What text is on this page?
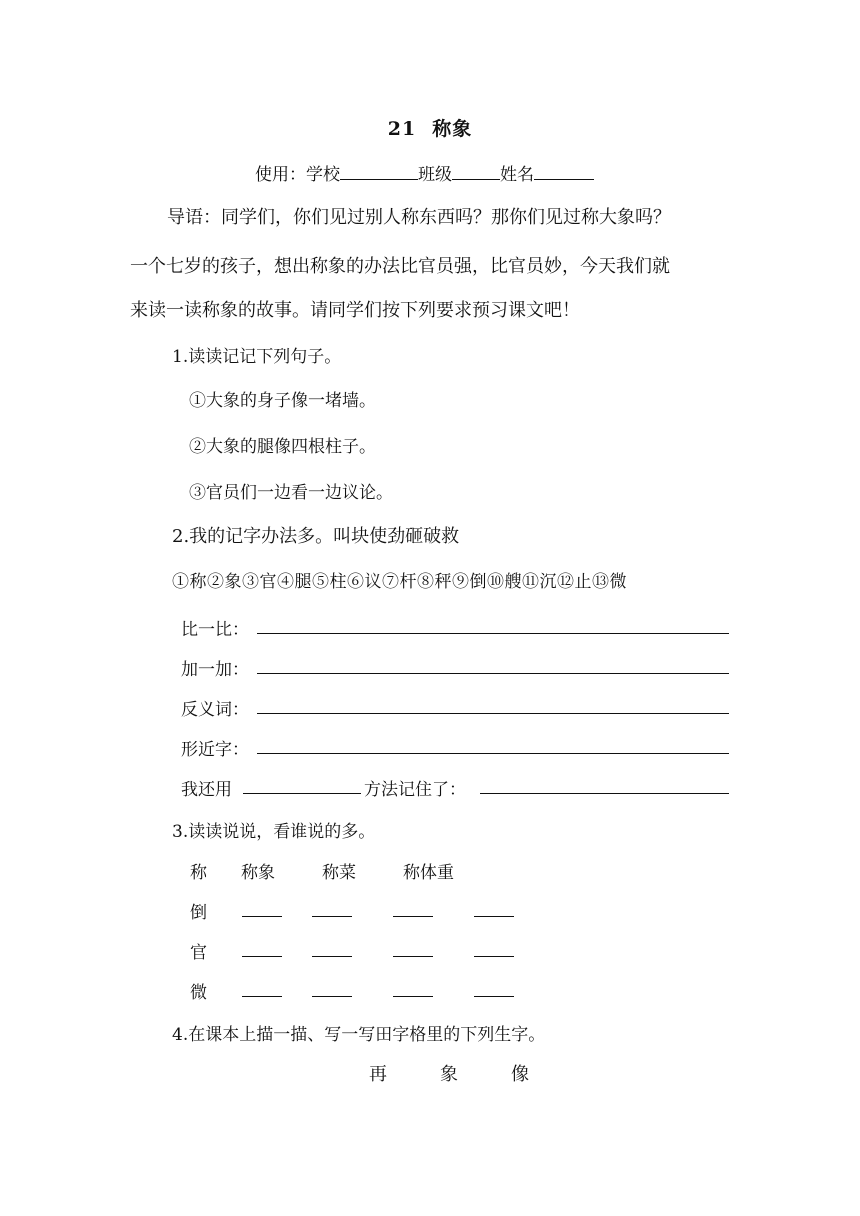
21 称象
使用：学校	班级	姓名
导语：同学们，你们见过别人称东西吗？那你们见过称大象吗？
一个七岁的孩子，想出称象的办法比官员强，比官员妙，今天我们就
来读一读称象的故事。请同学们按下列要求预习课文吧！
1.读读记记下列句子。
①大象的身子像一堵墙。
②大象的腿像四根柱子。
③官员们一边看一边议论。
2.我的记字办法多。叫块使劲砸破救
①称②象③官④腿⑤柱⑥议⑦杆⑧秤⑨倒⑩艘⑪沉⑫止⑬微
比一比：
加一加：
反义词：
形近字：
我还用	方法记住了：
3.读读说说，看谁说的多。
称 称象	称菜	称体重
倒
官
微
4.在课本上描一描、写一写田字格里的下列生字。
再	象	像
